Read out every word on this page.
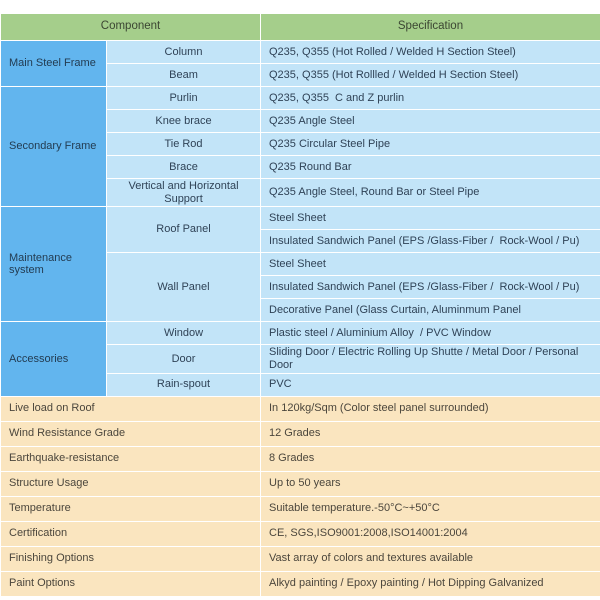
Component		Specification
Main Steel Frame	Column	Q235, Q355 (Hot Rolled / Welded H Section Steel)
	Beam	Q235, Q355 (Hot Rollled / Welded H Section Steel)
Secondary Frame	Purlin	Q235, Q355  C and Z purlin
	Knee brace	Q235 Angle Steel
	Tie Rod	Q235 Circular Steel Pipe
	Brace	Q235 Round Bar
	Vertical and Horizontal Support	Q235 Angle Steel, Round Bar or Steel Pipe
Maintenance system	Roof Panel	Steel Sheet
		Insulated Sandwich Panel (EPS /Glass-Fiber /  Rock-Wool / Pu)
	Wall Panel	Steel Sheet
		Insulated Sandwich Panel (EPS /Glass-Fiber /  Rock-Wool / Pu)
		Decorative Panel (Glass Curtain, Aluminmum Panel
Accessories	Window	Plastic steel / Aluminium Alloy  / PVC Window
	Door	Sliding Door / Electric Rolling Up Shutte / Metal Door / Personal Door
	Rain-spout	PVC
Live load on Roof		In 120kg/Sqm (Color steel panel surrounded)
Wind Resistance Grade		12 Grades
Earthquake-resistance		8 Grades
Structure Usage		Up to 50 years
Temperature		Suitable temperature.-50°C~+50°C
Certification		CE, SGS,ISO9001:2008,ISO14001:2004
Finishing Options		Vast array of colors and textures available
Paint Options		Alkyd painting / Epoxy painting / Hot Dipping Galvanized
